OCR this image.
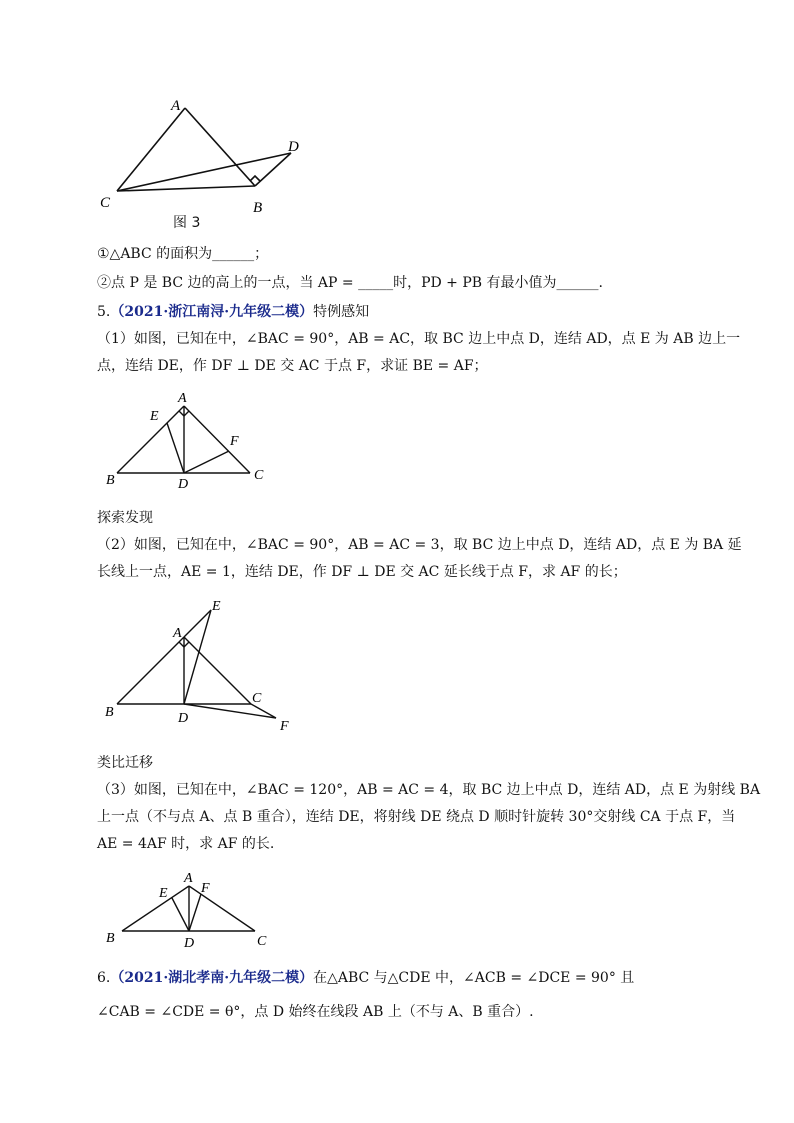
A
D
C	B
图 3
①△ABC 的面积为______；
②点 P 是 BC 边的高上的一点，当 AP = _____时，PD + PB 有最小值为______.
5.（2021·浙江南浔·九年级二模）特例感知
（1）如图，已知在中，∠BAC = 90°，AB = AC，取 BC 边上中点 D，连结 AD，点 E 为 AB 边上一
点，连结 DE，作 DF ⊥ DE 交 AC 于点 F，求证 BE = AF；
A
E
F
B	D
C
探索发现
（2）如图，已知在中，∠BAC = 90°，AB = AC = 3，取 BC 边上中点 D，连结 AD，点 E 为 BA 延
长线上一点，AE = 1，连结 DE，作 DF ⊥ DE 交 AC 延长线于点 F，求 AF 的长；
E
A
C
B	D
F
类比迁移
（3）如图，已知在中，∠BAC = 120°，AB = AC = 4，取 BC 边上中点 D，连结 AD，点 E 为射线 BA
上一点（不与点 A、点 B 重合），连结 DE，将射线 DE 绕点 D 顺时针旋转 30°交射线 CA 于点 F，当
AE = 4AF 时，求 AF 的长.
A
E F
B	D	C
6.（2021·湖北孝南·九年级二模）在△ABC 与△CDE 中，∠ACB = ∠DCE = 90° 且
∠CAB = ∠CDE = θ°，点 D 始终在线段 AB 上（不与 A、B 重合）.
